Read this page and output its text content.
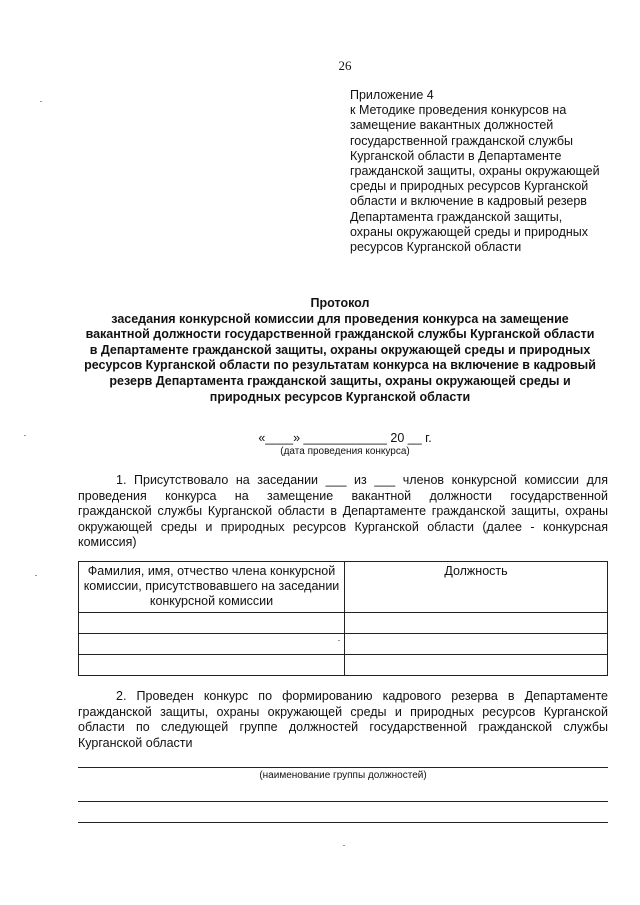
26
Приложение 4
к Методике проведения конкурсов на
замещение вакантных должностей
государственной гражданской службы
Курганской области в Департаменте
гражданской защиты, охраны окружающей
среды и природных ресурсов Курганской
области и включение в кадровый резерв
Департамента гражданской защиты,
охраны окружающей среды и природных
ресурсов Курганской области
Протокол
заседания конкурсной комиссии для проведения конкурса на замещение
вакантной должности государственной гражданской службы Курганской области
в Департаменте гражданской защиты, охраны окружающей среды и природных
ресурсов Курганской области по результатам конкурса на включение в кадровый
резерв Департамента гражданской защиты, охраны окружающей среды и
природных ресурсов Курганской области
«____» ____________ 20 __ г.
(дата проведения конкурса)
1. Присутствовало на заседании ___ из ___ членов конкурсной комиссии для
проведения конкурса на замещение вакантной должности государственной
гражданской службы Курганской области в Департаменте гражданской защиты, охраны
окружающей среды и природных ресурсов Курганской области (далее - конкурсная
комиссия)
Фамилия, имя, отчество члена конкурсной комиссии, присутствовавшего на заседании конкурсной комиссии	Должность

2. Проведен конкурс по формированию кадрового резерва в Департаменте
гражданской защиты, охраны окружающей среды и природных ресурсов Курганской
области по следующей группе должностей государственной гражданской службы
Курганской области
(наименование группы должностей)
